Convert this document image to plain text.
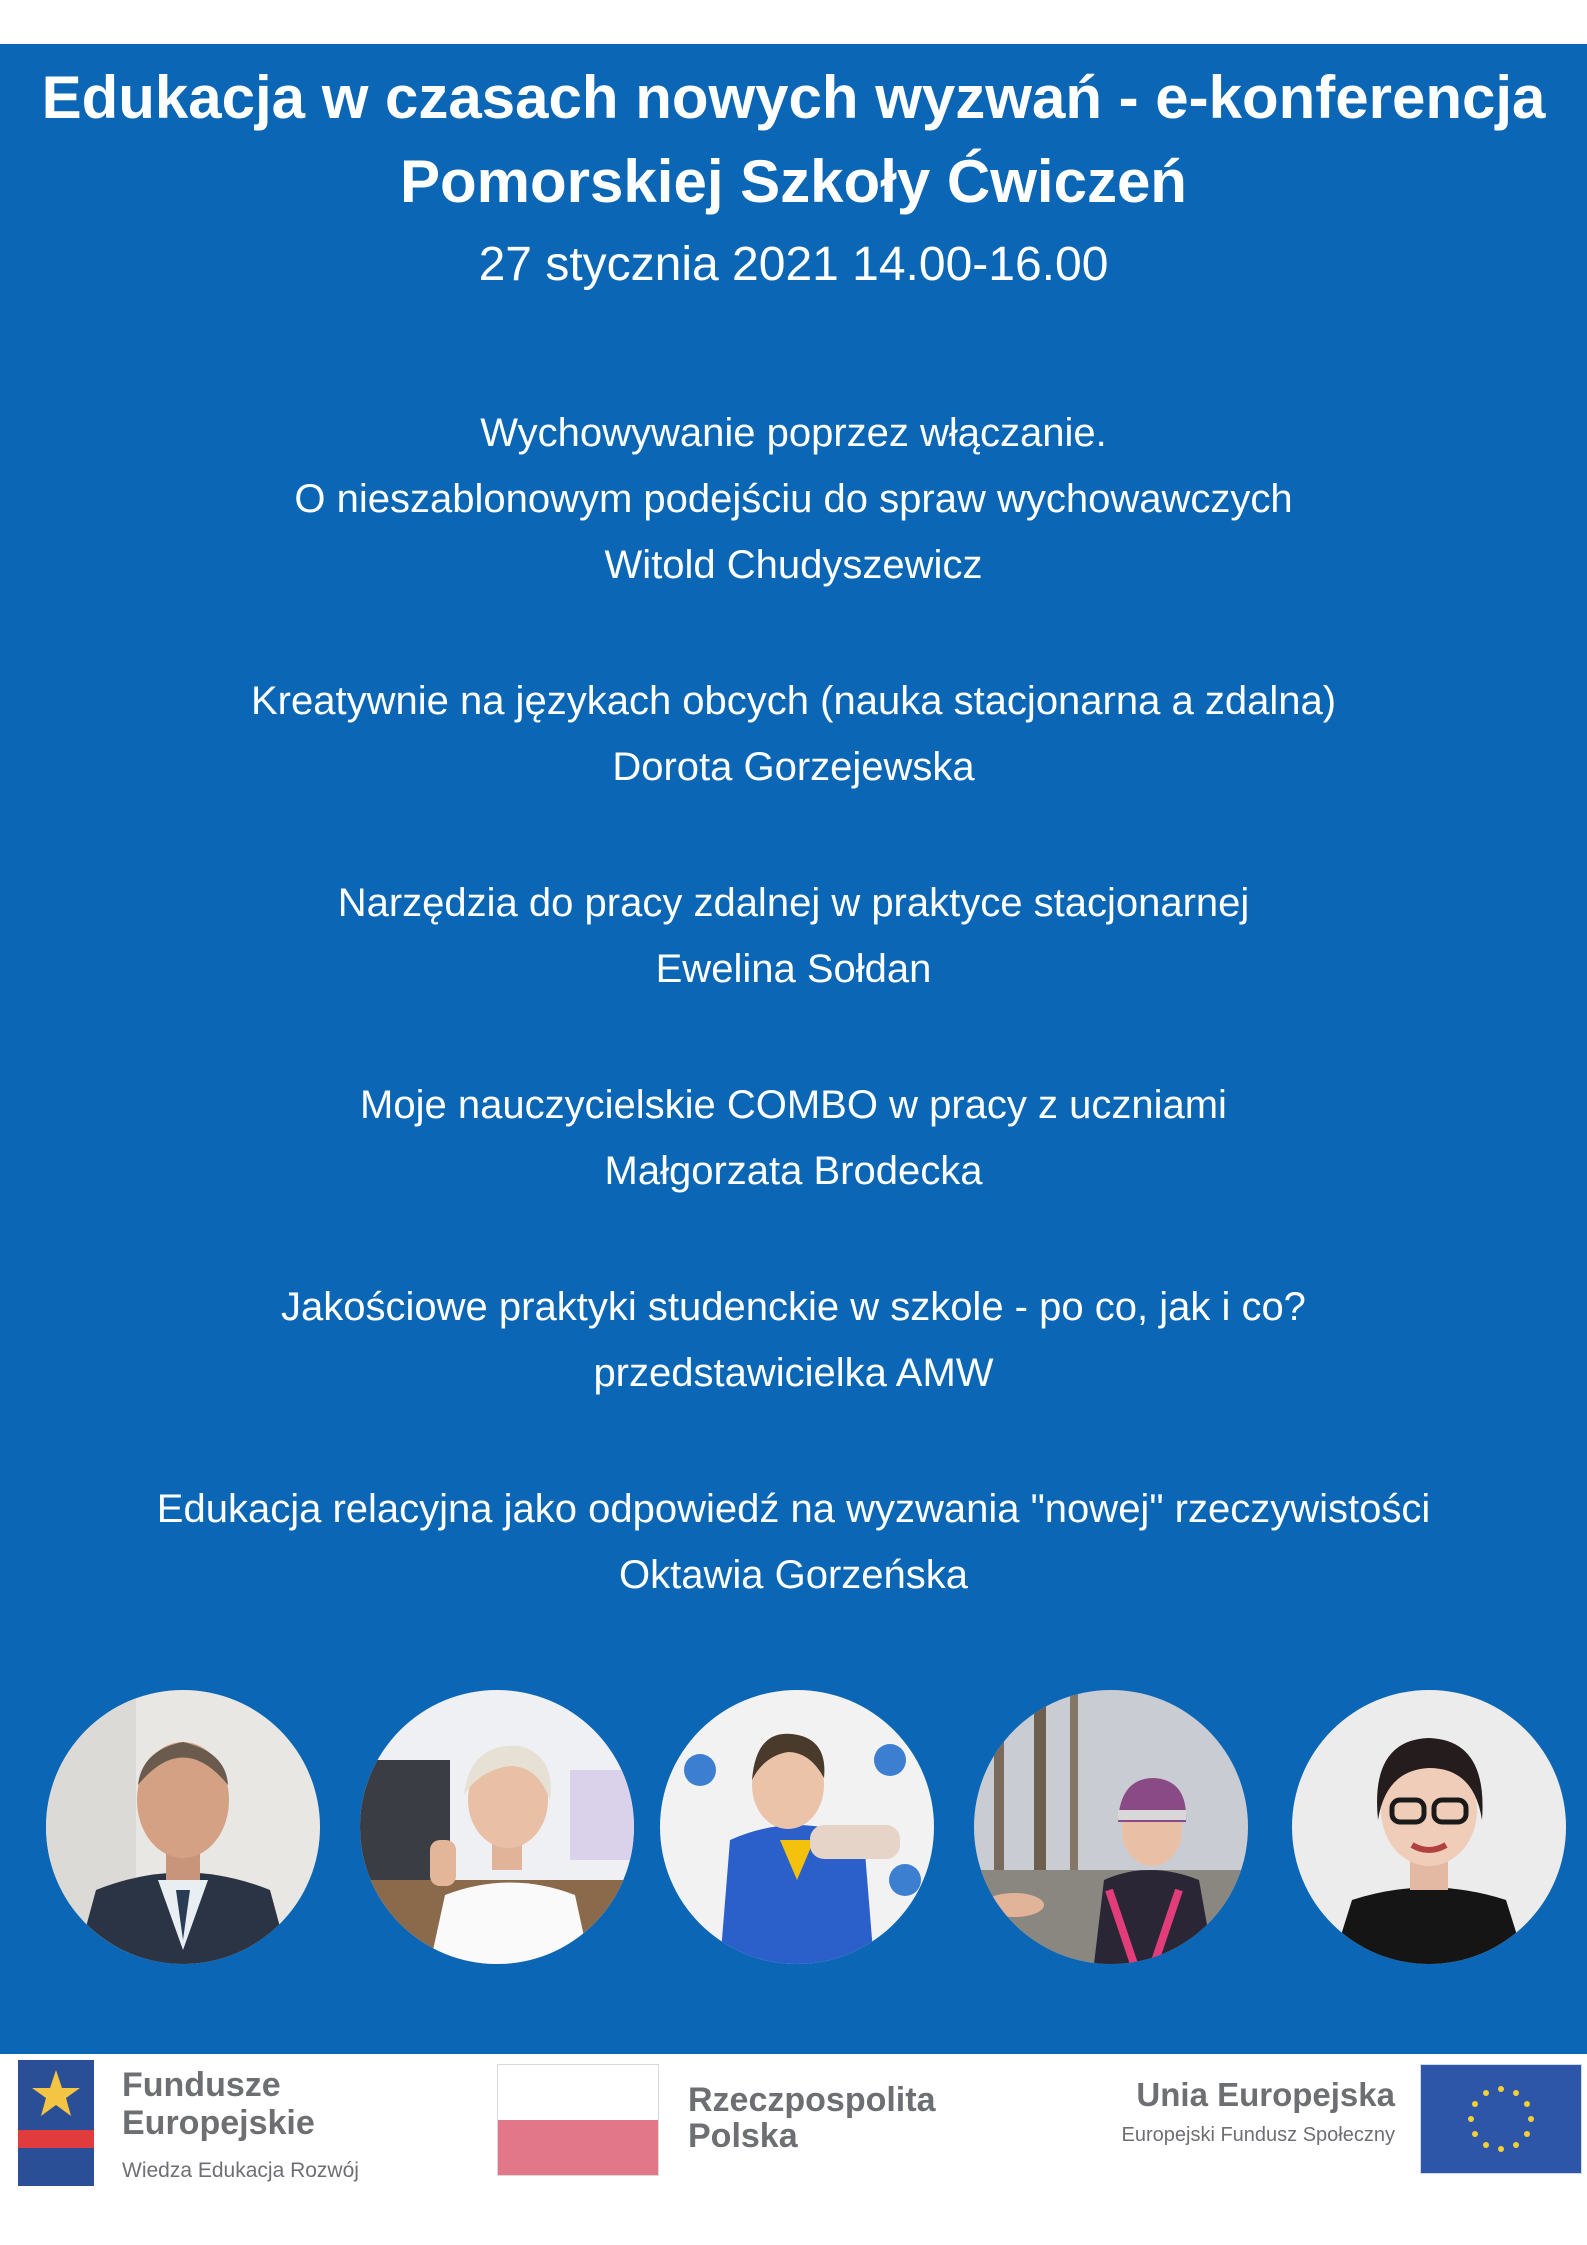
Edukacja w czasach nowych wyzwań - e-konferencja
Pomorskiej Szkoły Ćwiczeń
27 stycznia 2021 14.00-16.00
Wychowywanie poprzez włączanie.
O nieszablonowym podejściu do spraw wychowawczych
Witold Chudyszewicz
Kreatywnie na językach obcych (nauka stacjonarna a zdalna)
Dorota Gorzejewska
Narzędzia do pracy zdalnej w praktyce stacjonarnej
Ewelina Sołdan
Moje nauczycielskie COMBO w pracy z uczniami
Małgorzata Brodecka
Jakościowe praktyki studenckie w szkole - po co, jak i co?
przedstawicielka AMW
Edukacja relacyjna jako odpowiedź na wyzwania "nowej" rzeczywistości
Oktawia Gorzeńska
Fundusze
Europejskie
Wiedza Edukacja Rozwój
Rzeczpospolita
Polska
Unia Europejska
Europejski Fundusz Społeczny
